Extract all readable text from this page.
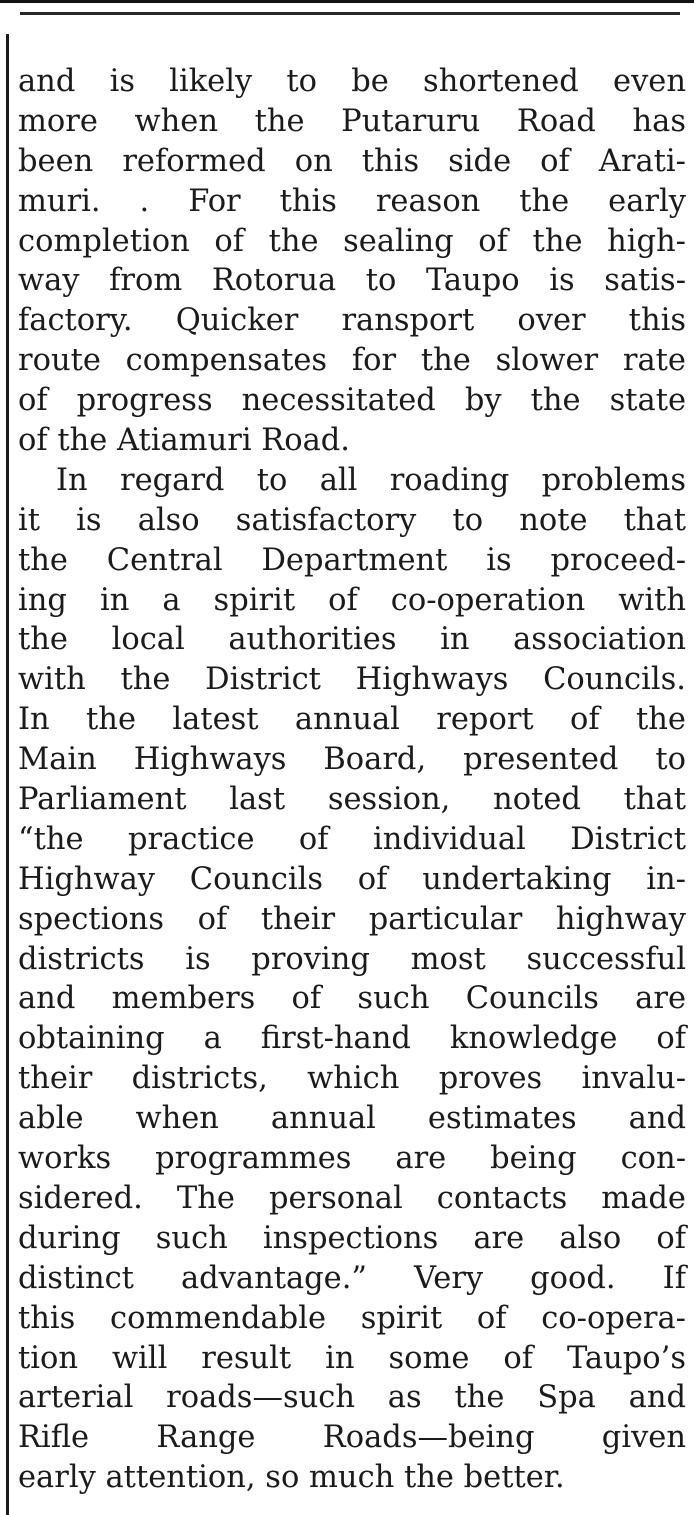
and is likely to be shortened even
more when the Putaruru Road has
been reformed on this side of Arati-
muri. . For this reason the early
completion of the sealing of the high-
way from Rotorua to Taupo is satis-
factory. Quicker ransport over this
route compensates for the slower rate
of progress necessitated by the state
of the Atiamuri Road.
In regard to all roading problems
it is also satisfactory to note that
the Central Department is proceed-
ing in a spirit of co-operation with
the local authorities in association
with the District Highways Councils.
In the latest annual report of the
Main Highways Board, presented to
Parliament last session, noted that
“the practice of individual District
Highway Councils of undertaking in-
spections of their particular highway
districts is proving most successful
and members of such Councils are
obtaining a first-hand knowledge of
their districts, which proves invalu-
able when annual estimates and
works programmes are being con-
sidered. The personal contacts made
during such inspections are also of
distinct advantage.” Very good. If
this commendable spirit of co-opera-
tion will result in some of Taupo’s
arterial roads—such as the Spa and
Rifle Range Roads—being given
early attention, so much the better.
